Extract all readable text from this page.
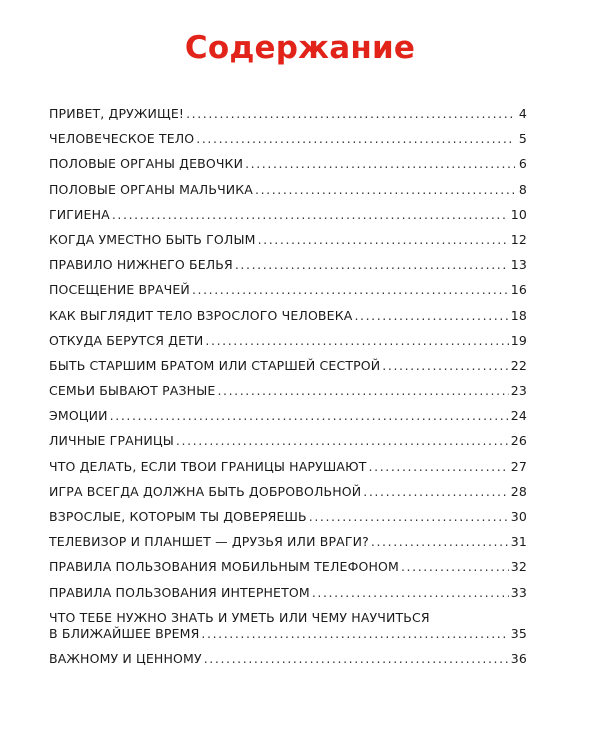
Содержание
ПРИВЕТ, ДРУЖИЩЕ! .....	4
ЧЕЛОВЕЧЕСКОЕ ТЕЛО .....	5
ПОЛОВЫЕ ОРГАНЫ ДЕВОЧКИ .....	6
ПОЛОВЫЕ ОРГАНЫ МАЛЬЧИКА .....	8
ГИГИЕНА .....	10
КОГДА УМЕСТНО БЫТЬ ГОЛЫМ .....	12
ПРАВИЛО НИЖНЕГО БЕЛЬЯ .....	13
ПОСЕЩЕНИЕ ВРАЧЕЙ .....	16
КАК ВЫГЛЯДИТ ТЕЛО ВЗРОСЛОГО ЧЕЛОВЕКА .....	18
ОТКУДА БЕРУТСЯ ДЕТИ .....	19
БЫТЬ СТАРШИМ БРАТОМ ИЛИ СТАРШЕЙ СЕСТРОЙ .....	22
СЕМЬИ БЫВАЮТ РАЗНЫЕ .....	23
ЭМОЦИИ .....	24
ЛИЧНЫЕ ГРАНИЦЫ .....	26
ЧТО ДЕЛАТЬ, ЕСЛИ ТВОИ ГРАНИЦЫ НАРУШАЮТ .....	27
ИГРА ВСЕГДА ДОЛЖНА БЫТЬ ДОБРОВОЛЬНОЙ .....	28
ВЗРОСЛЫЕ, КОТОРЫМ ТЫ ДОВЕРЯЕШЬ .....	30
ТЕЛЕВИЗОР И ПЛАНШЕТ — ДРУЗЬЯ ИЛИ ВРАГИ? .....	31
ПРАВИЛА ПОЛЬЗОВАНИЯ МОБИЛЬНЫМ ТЕЛЕФОНОМ .....	32
ПРАВИЛА ПОЛЬЗОВАНИЯ ИНТЕРНЕТОМ .....	33
ЧТО ТЕБЕ НУЖНО ЗНАТЬ И УМЕТЬ ИЛИ ЧЕМУ НАУЧИТЬСЯ
В БЛИЖАЙШЕЕ ВРЕМЯ .....	35
ВАЖНОМУ И ЦЕННОМУ .....	36
